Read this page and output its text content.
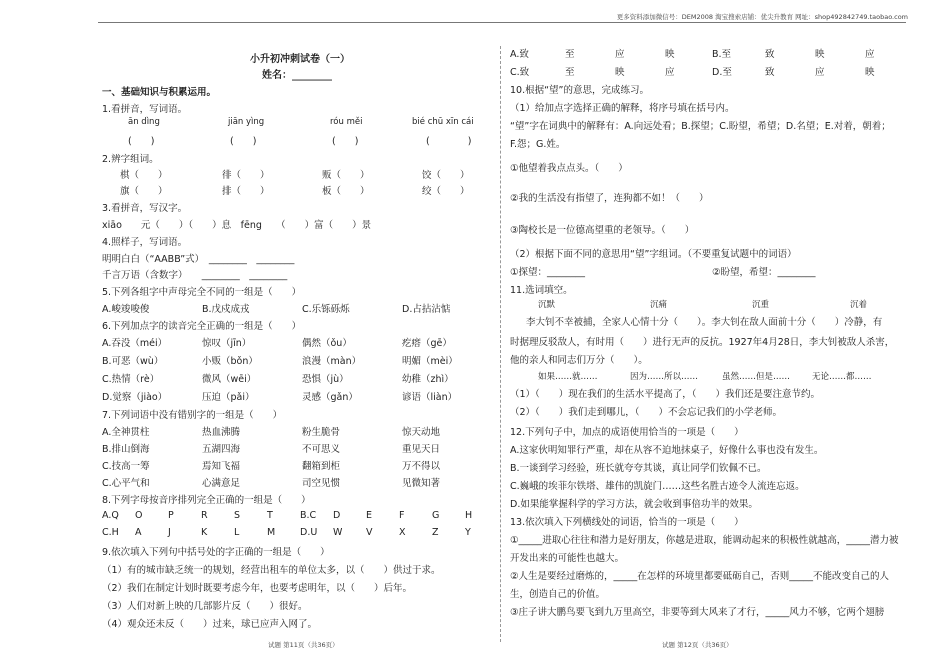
更多资料添加微信号：DEM2008 淘宝搜索店铺：优尖升教育 网址：shop492842749.taobao.com
小升初冲刺试卷（一）
姓名：________
一、基础知识与积累运用。
1.看拼音，写词语。
ān dìng	jiān yìng	róu měi	bié chū xīn cái
(　　)	(　　)	(　　)	(　　　　)
2.辨字组词。
棋（　　）	徘（　　）	贩（　　）	饺（　　）
旗（　　）	排（　　）	板（　　）	绞（　　）
3.看拼音，写汉字。
xiāo　　元（　　）（　　）息　fēng　　（　　）富（　　）景
4.照样子，写词语。
明明白白（“AABB”式）　________　________
千言万语（含数字）　　________　________
5.下列各组字中声母完全不同的一组是（　　）
A.峻竣唆俊	B.戊戍成戎	C.乐铄砾烁	D.占拈沾惦
6.下列加点字的读音完全正确的一组是（　　）
A.吞没（méi）	惊叹（jīn）	偶然（ǒu）	疙瘩（gē）
B.可恶（wù）	小贩（bǒn）	浪漫（màn）	明媚（mèi）
C.热情（rè）	微风（wēi）	恐惧（jù）	幼稚（zhì）
D.觉察（jiào）	压迫（pǎi）	灵感（gǎn）	谚语（liàn）
7.下列词语中没有错别字的一组是（　　）
A.全神贯柱	热血沸腾	粉生脆骨	惊天动地
B.排山倒海	五湖四海	不可思义	重见天日
C.技高一筹	焉知飞福	翻箱到柜	万不得以
C.心平气和	心满意足	司空见惯	见微知著
8.下列字母按音序排列完全正确的一组是（　　）
A.Q O	P	R	S	T	B.C D	E	F	G	H
C.H A	J	K	L	M	D.U W V	X	Z	Y
9.依次填入下列句中括号处的字正确的一组是（　　）
（1）有的城市缺乏统一的规划，经营出租车的单位太多，以（　　）供过于求。
（2）我们在制定计划时既要考虑今年，也要考虑明年，以（　　）后年。
（3）人们对新上映的几部影片反（　　）很好。
（4）观众还未反（　　）过来，球已应声入网了。
试题 第11页（共36页）
A.致	至	应	映	B.至	致	映	应
C.致	至	映	应	D.至	致	应	映
10.根据“望”的意思，完成练习。
（1）给加点字选择正确的解释，将序号填在括号内。
“望”字在词典中的解释有：A.向远处看；B.探望；C.盼望，希望；D.名望；E.对着，朝着；
F.怨；G.姓。
①他望着我点点头。（　　）
②我的生活没有指望了，连狗都不如！（　　）
③陶校长是一位德高望重的老领导。（　　）
（2）根据下面不同的意思用“望”字组词。（不要重复试题中的词语）
①探望：________	②盼望，希望：________
11.选词填空。
沉默	沉痛	沉重	沉着
李大钊不幸被捕，全家人心情十分（　　）。李大钊在敌人面前十分（　　）冷静，有
时据理反驳敌人，有时用（　　）进行无声的反抗。1927年4月28日，李大钊被敌人杀害，
他的亲人和同志们万分（　　）。
如果……就……	因为……所以……	虽然……但是……	无论……都……
（1）（　　）现在我们的生活水平提高了，（　　）我们还是要注意节约。
（2）（　　）我们走到哪儿，（　　）不会忘记我们的小学老师。
12.下列句子中，加点的成语使用恰当的一项是（　　）
A.这家伙明知罪行严重，却在从容不迫地抹桌子，好像什么事也没有发生。
B.一谈到学习经验，班长就夸夸其谈，真让同学们钦佩不已。
C.巍峨的埃菲尔铁塔、雄伟的凯旋门……这些名胜古迹令人流连忘返。
D.如果能掌握科学的学习方法，就会收到事倍功半的效果。
13.依次填入下列横线处的词语，恰当的一项是（　　）
①_____进取心往往和潜力是好朋友，你越是进取，能调动起来的积极性就越高，_____潜力被
开发出来的可能性也越大。
②人生是要经过磨炼的，_____在怎样的环境里都要砥砺自己，否则_____不能改变自己的人
生，创造自己的价值。
③庄子讲大鹏鸟要飞到九万里高空，非要等到大风来了才行，_____风力不够，它两个翅膀
试题 第12页（共36页）
